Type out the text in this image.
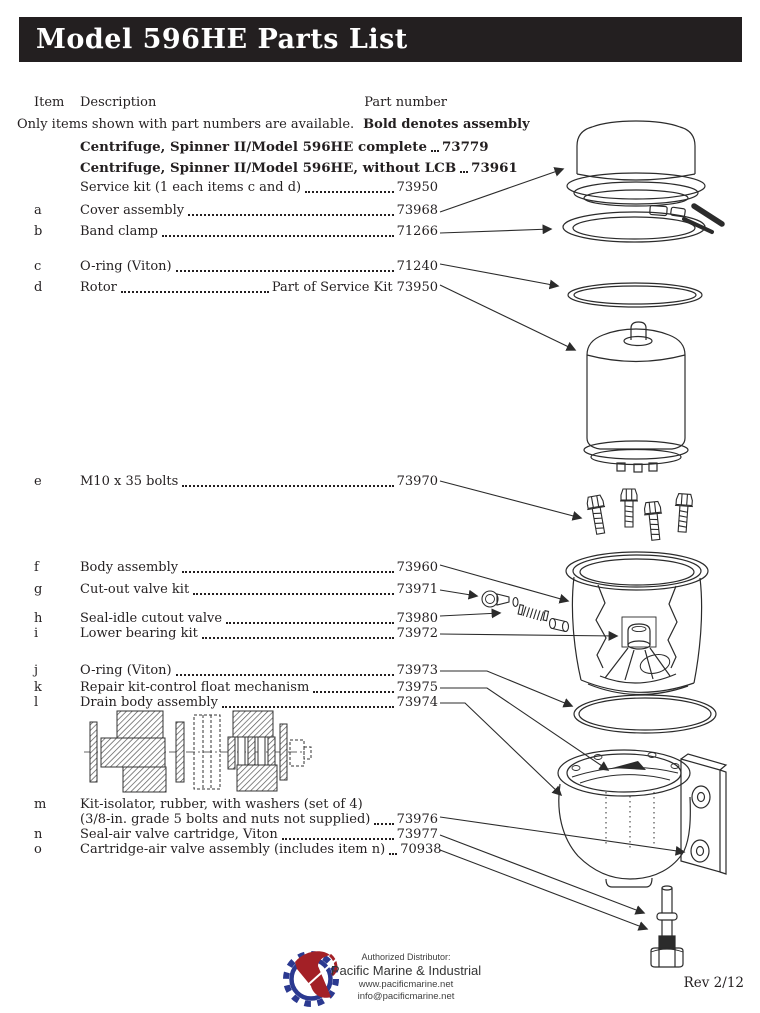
Model 596HE Parts List
Item	Description	Part number
Only items shown with part numbers are available. Bold denotes assembly
Centrifuge, Spinner II/Model 596HE complete 73779
Centrifuge, Spinner II/Model 596HE, without LCB 73961
Service kit (1 each items c and d)	73950
a	Cover assembly	73968
b	Band clamp	71266
c	O-ring (Viton)	71240
d	Rotor	Part of Service Kit 73950
e	M10 x 35 bolts	73970
f	Body assembly	73960
g	Cut-out valve kit	73971
h	Seal-idle cutout valve	73980
i	Lower bearing kit	73972
j	O-ring (Viton)	73973
k	Repair kit-control float mechanism	73975
l	Drain body assembly	73974
m	Kit-isolator, rubber, with washers (set of 4)
(3/8-in. grade 5 bolts and nuts not supplied) 73976
n	Seal-air valve cartridge, Viton	73977
o	Cartridge-air valve assembly (includes item n) 70938
Authorized Distributor:
Pacific Marine & Industrial
www.pacificmarine.net
info@pacificmarine.net
Rev 2/12
